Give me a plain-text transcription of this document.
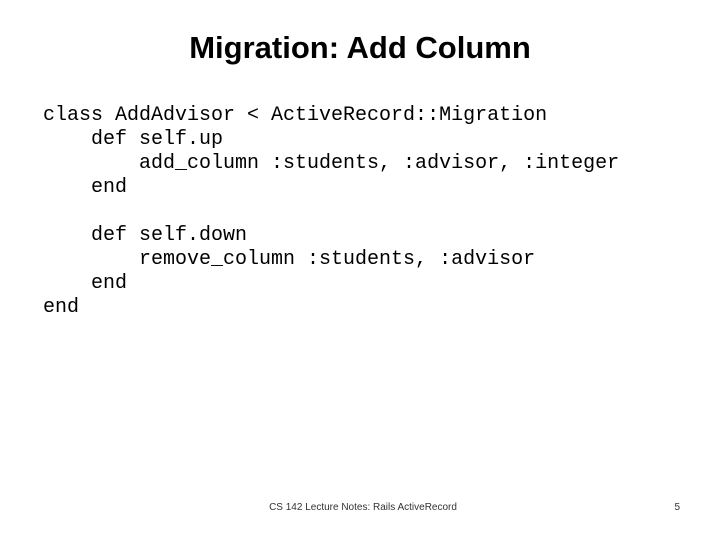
Migration: Add Column
class AddAdvisor < ActiveRecord::Migration
def self.up
add_column :students, :advisor, :integer
end
def self.down
remove_column :students, :advisor
end
end
CS 142 Lecture Notes: Rails ActiveRecord	5
